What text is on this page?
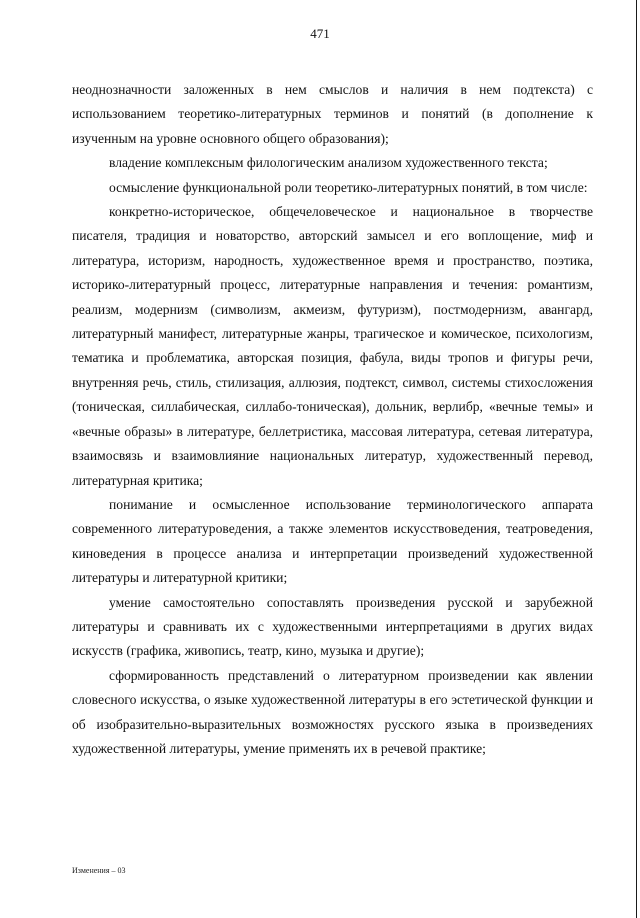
471

неоднозначности заложенных в нем смыслов и наличия в нем подтекста) с использованием теоретико-литературных терминов и понятий (в дополнение к изученным на уровне основного общего образования);

владение комплексным филологическим анализом художественного текста;

осмысление функциональной роли теоретико-литературных понятий, в том числе:

конкретно-историческое, общечеловеческое и национальное в творчестве писателя, традиция и новаторство, авторский замысел и его воплощение, миф и литература, историзм, народность, художественное время и пространство, поэтика, историко-литературный процесс, литературные направления и течения: романтизм, реализм, модернизм (символизм, акмеизм, футуризм), постмодернизм, авангард, литературный манифест, литературные жанры, трагическое и комическое, психологизм, тематика и проблематика, авторская позиция, фабула, виды тропов и фигуры речи, внутренняя речь, стиль, стилизация, аллюзия, подтекст, символ, системы стихосложения (тоническая, силлабическая, силлабо-тоническая), дольник, верлибр, «вечные темы» и «вечные образы» в литературе, беллетристика, массовая литература, сетевая литература, взаимосвязь и взаимовлияние национальных литератур, художественный перевод, литературная критика;

понимание и осмысленное использование терминологического аппарата современного литературоведения, а также элементов искусствоведения, театроведения, киноведения в процессе анализа и интерпретации произведений художественной литературы и литературной критики;

умение самостоятельно сопоставлять произведения русской и зарубежной литературы и сравнивать их с художественными интерпретациями в других видах искусств (графика, живопись, театр, кино, музыка и другие);

сформированность представлений о литературном произведении как явлении словесного искусства, о языке художественной литературы в его эстетической функции и об изобразительно-выразительных возможностях русского языка в произведениях художественной литературы, умение применять их в речевой практике;

Изменения – 03
